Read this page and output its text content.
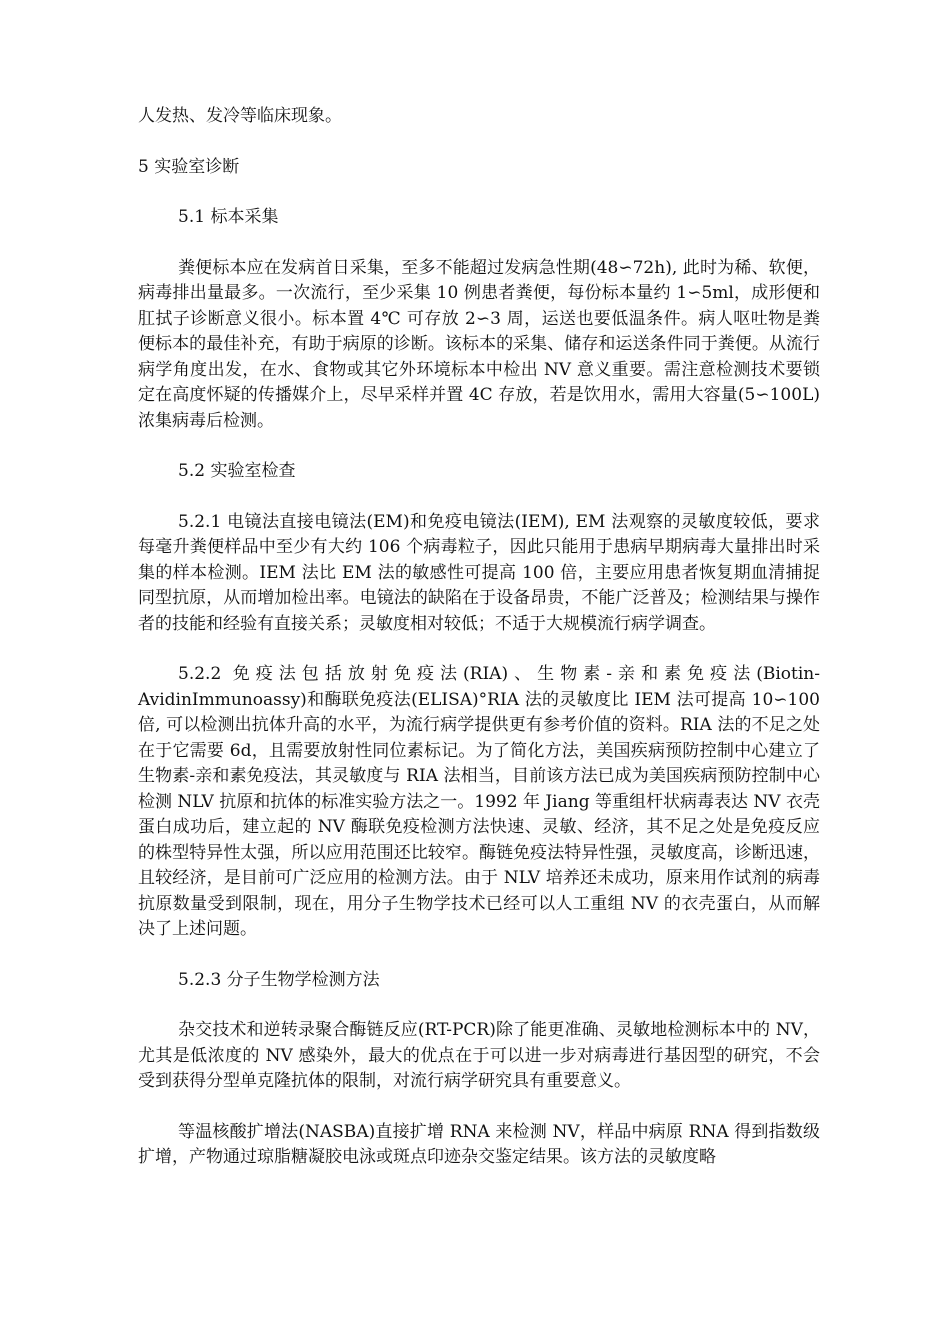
人发热、发冷等临床现象。

5 实验室诊断

5.1 标本采集

粪便标本应在发病首日采集，至多不能超过发病急性期(48∽72h), 此时为稀、软便，病毒排出量最多。一次流行，至少采集 10 例患者粪便，每份标本量约 1∽5ml，成形便和肛拭子诊断意义很小。标本置 4℃ 可存放 2∽3 周，运送也要低温条件。病人呕吐物是粪便标本的最佳补充，有助于病原的诊断。该标本的采集、储存和运送条件同于粪便。从流行病学角度出发，在水、食物或其它外环境标本中检出 NV 意义重要。需注意检测技术要锁定在高度怀疑的传播媒介上，尽早采样并置 4C 存放，若是饮用水，需用大容量(5∽100L)浓集病毒后检测。

5.2 实验室检查

5.2.1 电镜法直接电镜法(EM)和免疫电镜法(IEM), EM 法观察的灵敏度较低，要求每毫升粪便样品中至少有大约 106 个病毒粒子，因此只能用于患病早期病毒大量排出时采集的样本检测。IEM 法比 EM 法的敏感性可提高 100 倍，主要应用患者恢复期血清捕捉同型抗原，从而增加检出率。电镜法的缺陷在于设备昂贵，不能广泛普及；检测结果与操作者的技能和经验有直接关系；灵敏度相对较低；不适于大规模流行病学调查。

5.2.2 免疫法包括放射免疫法(RIA)、生物素-亲和素免疫法(Biotin-AvidinImmunoassy)和酶联免疫法(ELISA)°RIA 法的灵敏度比 IEM 法可提高 10∽100 倍, 可以检测出抗体升高的水平，为流行病学提供更有参考价值的资料。RIA 法的不足之处在于它需要 6d，且需要放射性同位素标记。为了简化方法，美国疾病预防控制中心建立了生物素-亲和素免疫法，其灵敏度与 RIA 法相当，目前该方法已成为美国疾病预防控制中心检测 NLV 抗原和抗体的标准实验方法之一。1992 年 Jiang 等重组杆状病毒表达 NV 衣壳蛋白成功后，建立起的 NV 酶联免疫检测方法快速、灵敏、经济，其不足之处是免疫反应的株型特异性太强，所以应用范围还比较窄。酶链免疫法特异性强，灵敏度高，诊断迅速，且较经济，是目前可广泛应用的检测方法。由于 NLV 培养还未成功，原来用作试剂的病毒抗原数量受到限制，现在，用分子生物学技术已经可以人工重组 NV 的衣壳蛋白，从而解决了上述问题。

5.2.3 分子生物学检测方法

杂交技术和逆转录聚合酶链反应(RT-PCR)除了能更准确、灵敏地检测标本中的 NV，尤其是低浓度的 NV 感染外，最大的优点在于可以进一步对病毒进行基因型的研究，不会受到获得分型单克隆抗体的限制，对流行病学研究具有重要意义。

等温核酸扩增法(NASBA)直接扩增 RNA 来检测 NV，样品中病原 RNA 得到指数级扩增，产物通过琼脂糖凝胶电泳或斑点印迹杂交鉴定结果。该方法的灵敏度略
